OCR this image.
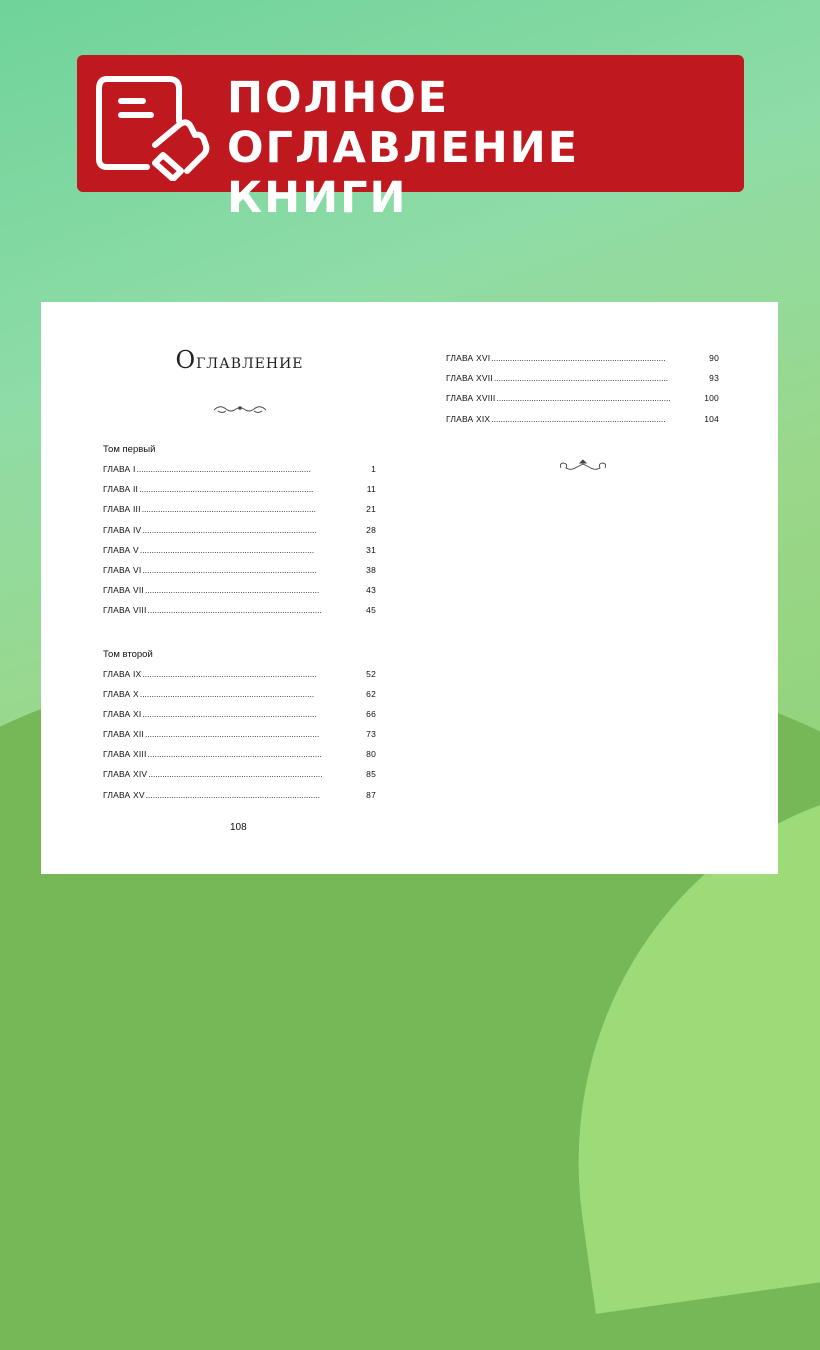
ПОЛНОЕ
ОГЛАВЛЕНИЕ КНИГИ
Оглавление
Том первый
ГЛАВА I . . .	1
ГЛАВА II . . .	11
ГЛАВА III . . .	21
ГЛАВА IV . . .	28
ГЛАВА V . . .	31
ГЛАВА VI . . .	38
ГЛАВА VII . . .	43
ГЛАВА VIII . . .	45
Том второй
ГЛАВА IX . . .	52
ГЛАВА X . . .	62
ГЛАВА XI . . .	66
ГЛАВА XII . . .	73
ГЛАВА XIII . . .	80
ГЛАВА XIV . . .	85
ГЛАВА XV . . .	87
108
ГЛАВА XVI . . .	90
ГЛАВА XVII . . .	93
ГЛАВА XVIII . . .	100
ГЛАВА XIX . . .	104
